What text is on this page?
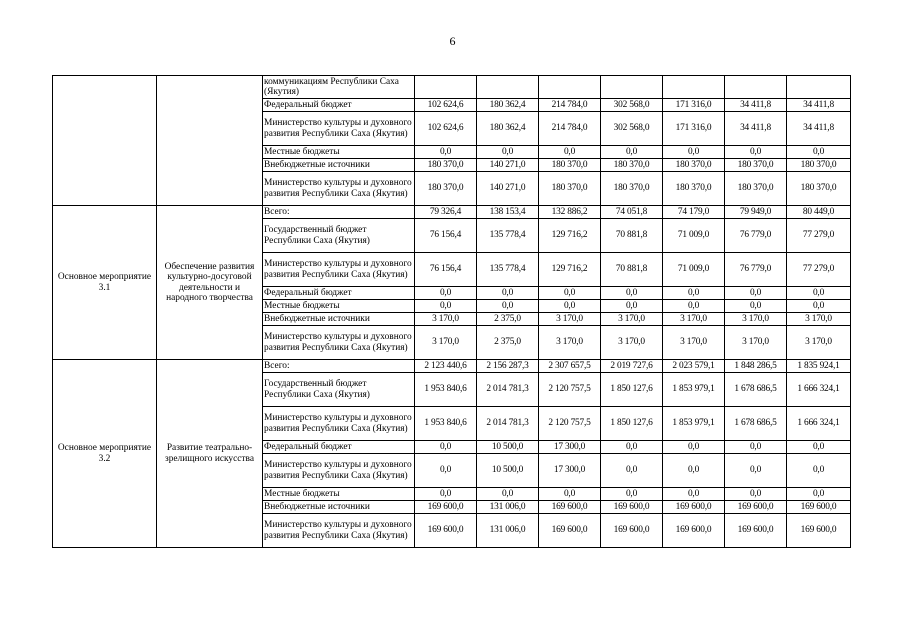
6
		коммуникациям Республики Саха (Якутия)							
		Федеральный бюджет	102 624,6	180 362,4	214 784,0	302 568,0	171 316,0	34 411,8	34 411,8
		Министерство культуры и духовного развития Республики Саха (Якутия)	102 624,6	180 362,4	214 784,0	302 568,0	171 316,0	34 411,8	34 411,8
		Местные бюджеты	0,0	0,0	0,0	0,0	0,0	0,0	0,0
		Внебюджетные источники	180 370,0	140 271,0	180 370,0	180 370,0	180 370,0	180 370,0	180 370,0
		Министерство культуры и духовного развития Республики Саха (Якутия)	180 370,0	140 271,0	180 370,0	180 370,0	180 370,0	180 370,0	180 370,0
Основное мероприятие 3.1	Обеспечение развития культурно-досуговой деятельности и народного творчества	Всего:	79 326,4	138 153,4	132 886,2	74 051,8	74 179,0	79 949,0	80 449,0
		Государственный бюджет Республики Саха (Якутия)	76 156,4	135 778,4	129 716,2	70 881,8	71 009,0	76 779,0	77 279,0
		Министерство культуры и духовного развития Республики Саха (Якутия)	76 156,4	135 778,4	129 716,2	70 881,8	71 009,0	76 779,0	77 279,0
		Федеральный бюджет	0,0	0,0	0,0	0,0	0,0	0,0	0,0
		Местные бюджеты	0,0	0,0	0,0	0,0	0,0	0,0	0,0
		Внебюджетные источники	3 170,0	2 375,0	3 170,0	3 170,0	3 170,0	3 170,0	3 170,0
		Министерство культуры и духовного развития Республики Саха (Якутия)	3 170,0	2 375,0	3 170,0	3 170,0	3 170,0	3 170,0	3 170,0
Основное мероприятие 3.2	Развитие театрально-зрелищного искусства	Всего:	2 123 440,6	2 156 287,3	2 307 657,5	2 019 727,6	2 023 579,1	1 848 286,5	1 835 924,1
		Государственный бюджет Республики Саха (Якутия)	1 953 840,6	2 014 781,3	2 120 757,5	1 850 127,6	1 853 979,1	1 678 686,5	1 666 324,1
		Министерство культуры и духовного развития Республики Саха (Якутия)	1 953 840,6	2 014 781,3	2 120 757,5	1 850 127,6	1 853 979,1	1 678 686,5	1 666 324,1
		Федеральный бюджет	0,0	10 500,0	17 300,0	0,0	0,0	0,0	0,0
		Министерство культуры и духовного развития Республики Саха (Якутия)	0,0	10 500,0	17 300,0	0,0	0,0	0,0	0,0
		Местные бюджеты	0,0	0,0	0,0	0,0	0,0	0,0	0,0
		Внебюджетные источники	169 600,0	131 006,0	169 600,0	169 600,0	169 600,0	169 600,0	169 600,0
		Министерство культуры и духовного развития Республики Саха (Якутия)	169 600,0	131 006,0	169 600,0	169 600,0	169 600,0	169 600,0	169 600,0
